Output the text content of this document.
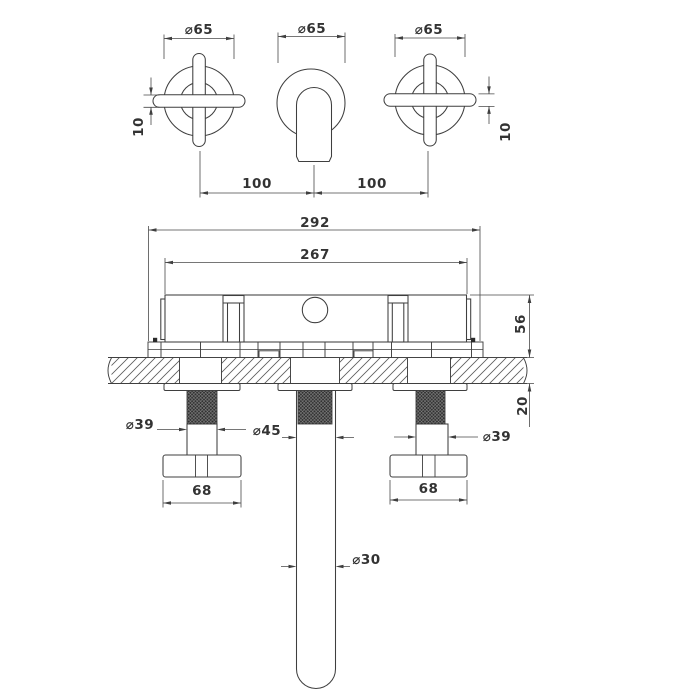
⌀65	⌀65	⌀65
10	10
100	100
292
267
56
20
⌀39	⌀45	⌀39
68	68
⌀30
